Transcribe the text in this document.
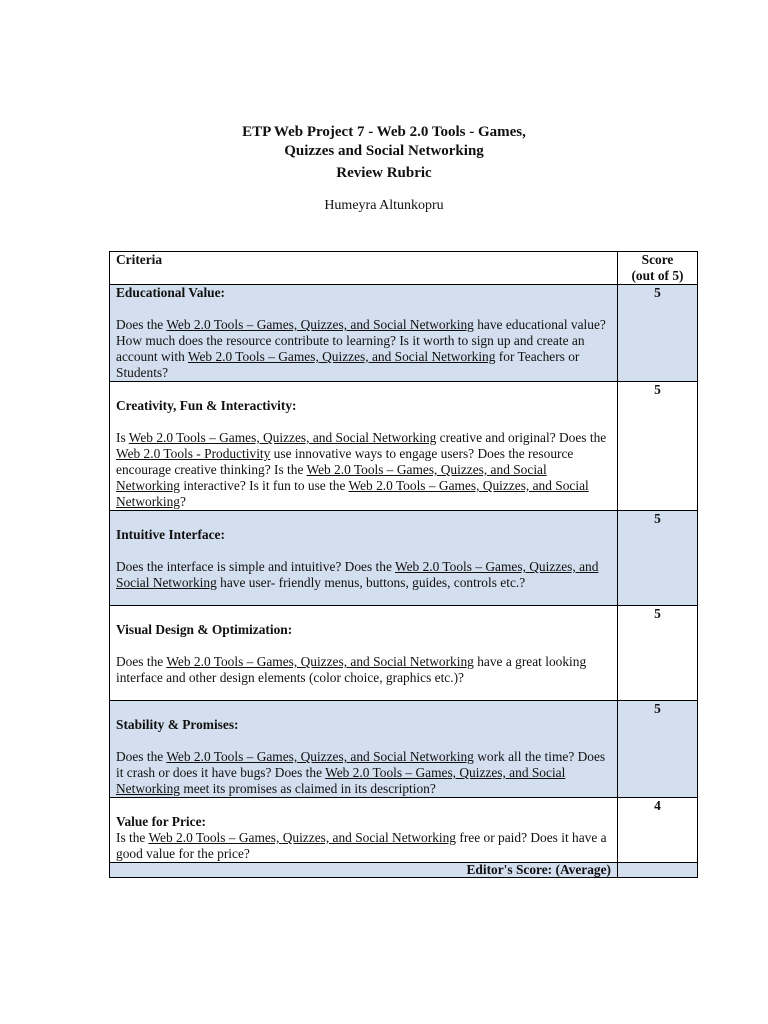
ETP Web Project 7 - Web 2.0 Tools - Games,
Quizzes and Social Networking
Review Rubric
Humeyra Altunkopru
Criteria	Score
(out of 5)

Educational Value:
Does the Web 2.0 Tools – Games, Quizzes, and Social Networking have educational value? How much does the resource contribute to learning? Is it worth to sign up and create an account with Web 2.0 Tools – Games, Quizzes, and Social Networking for Teachers or Students?	5

Creativity, Fun & Interactivity:
Is Web 2.0 Tools – Games, Quizzes, and Social Networking creative and original? Does the Web 2.0 Tools - Productivity use innovative ways to engage users? Does the resource encourage creative thinking? Is the Web 2.0 Tools – Games, Quizzes, and Social Networking interactive? Is it fun to use the Web 2.0 Tools – Games, Quizzes, and Social Networking?	5

Intuitive Interface:
Does the interface is simple and intuitive? Does the Web 2.0 Tools – Games, Quizzes, and Social Networking have user- friendly menus, buttons, guides, controls etc.?	5

Visual Design & Optimization:
Does the Web 2.0 Tools – Games, Quizzes, and Social Networking have a great looking interface and other design elements (color choice, graphics etc.)?	5

Stability & Promises:
Does the Web 2.0 Tools – Games, Quizzes, and Social Networking work all the time? Does it crash or does it have bugs? Does the Web 2.0 Tools – Games, Quizzes, and Social Networking meet its promises as claimed in its description?	5

Value for Price:
Is the Web 2.0 Tools – Games, Quizzes, and Social Networking free or paid? Does it have a good value for the price?	4
Editor's Score: (Average)	
